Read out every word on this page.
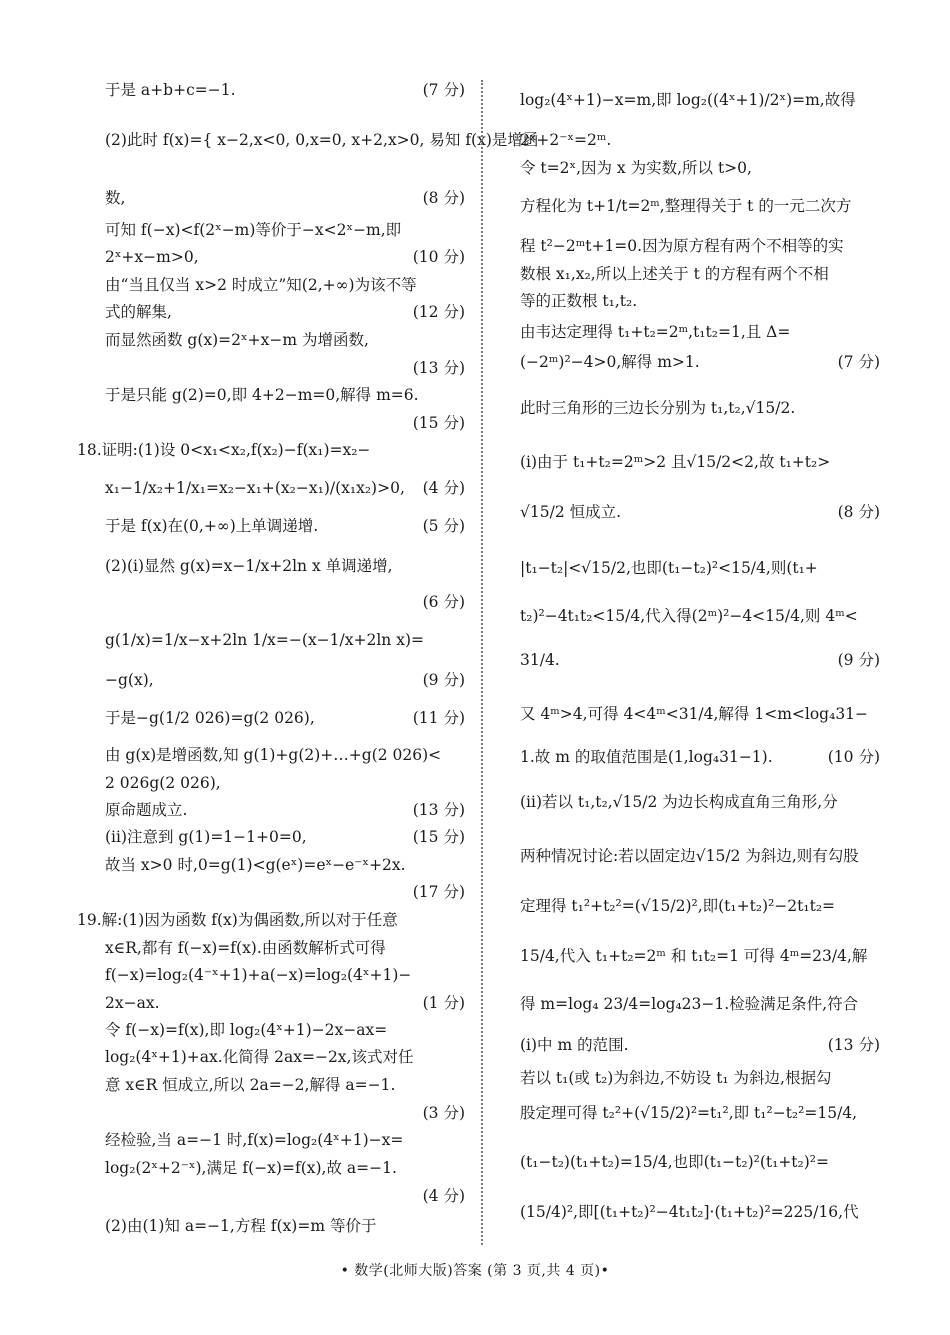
于是 a+b+c=−1.	(7 分)
(2)此时 f(x)={ x−2,x<0, 0,x=0, x+2,x>0, 易知 f(x)是增函
数,	(8 分)
可知 f(−x)<f(2ˣ−m)等价于−x<2ˣ−m,即
2ˣ+x−m>0,	(10 分)
由“当且仅当 x>2 时成立”知(2,+∞)为该不等
式的解集,	(12 分)
而显然函数 g(x)=2ˣ+x−m 为增函数,
(13 分)
于是只能 g(2)=0,即 4+2−m=0,解得 m=6.
(15 分)
18.证明:(1)设 0<x₁<x₂,f(x₂)−f(x₁)=x₂−
x₁−1/x₂+1/x₁=x₂−x₁+(x₂−x₁)/(x₁x₂)>0, (4 分)
于是 f(x)在(0,+∞)上单调递增.	(5 分)
(2)(ⅰ)显然 g(x)=x−1/x+2ln x 单调递增,
(6 分)
g(1/x)=1/x−x+2ln 1/x=−(x−1/x+2ln x)=
−g(x),	(9 分)
于是−g(1/2 026)=g(2 026),	(11 分)
由 g(x)是增函数,知 g(1)+g(2)+…+g(2 026)<
2 026g(2 026),
原命题成立.	(13 分)
(ⅱ)注意到 g(1)=1−1+0=0,	(15 分)
故当 x>0 时,0=g(1)<g(eˣ)=eˣ−e⁻ˣ+2x.
(17 分)
19.解:(1)因为函数 f(x)为偶函数,所以对于任意
x∈R,都有 f(−x)=f(x).由函数解析式可得
f(−x)=log₂(4⁻ˣ+1)+a(−x)=log₂(4ˣ+1)−
2x−ax.	(1 分)
令 f(−x)=f(x),即 log₂(4ˣ+1)−2x−ax=
log₂(4ˣ+1)+ax.化简得 2ax=−2x,该式对任
意 x∈R 恒成立,所以 2a=−2,解得 a=−1.
(3 分)
经检验,当 a=−1 时,f(x)=log₂(4ˣ+1)−x=
log₂(2ˣ+2⁻ˣ),满足 f(−x)=f(x),故 a=−1.
(4 分)
(2)由(1)知 a=−1,方程 f(x)=m 等价于
log₂(4ˣ+1)−x=m,即 log₂((4ˣ+1)/2ˣ)=m,故得
2ˣ+2⁻ˣ=2ᵐ.
令 t=2ˣ,因为 x 为实数,所以 t>0,
方程化为 t+1/t=2ᵐ,整理得关于 t 的一元二次方
程 t²−2ᵐt+1=0.因为原方程有两个不相等的实
数根 x₁,x₂,所以上述关于 t 的方程有两个不相
等的正数根 t₁,t₂.
由韦达定理得 t₁+t₂=2ᵐ,t₁t₂=1,且 Δ=
(−2ᵐ)²−4>0,解得 m>1.	(7 分)
此时三角形的三边长分别为 t₁,t₂,√15/2.
(ⅰ)由于 t₁+t₂=2ᵐ>2 且√15/2<2,故 t₁+t₂>
√15/2 恒成立.	(8 分)
|t₁−t₂|<√15/2,也即(t₁−t₂)²<15/4,则(t₁+
t₂)²−4t₁t₂<15/4,代入得(2ᵐ)²−4<15/4,则 4ᵐ<
31/4.	(9 分)
又 4ᵐ>4,可得 4<4ᵐ<31/4,解得 1<m<log₄31−
1.故 m 的取值范围是(1,log₄31−1).	(10 分)
(ⅱ)若以 t₁,t₂,√15/2 为边长构成直角三角形,分
两种情况讨论:若以固定边√15/2 为斜边,则有勾股
定理得 t₁²+t₂²=(√15/2)²,即(t₁+t₂)²−2t₁t₂=
15/4,代入 t₁+t₂=2ᵐ 和 t₁t₂=1 可得 4ᵐ=23/4,解
得 m=log₄ 23/4=log₄23−1.检验满足条件,符合
(ⅰ)中 m 的范围.	(13 分)
若以 t₁(或 t₂)为斜边,不妨设 t₁ 为斜边,根据勾
股定理可得 t₂²+(√15/2)²=t₁²,即 t₁²−t₂²=15/4,
(t₁−t₂)(t₁+t₂)=15/4,也即(t₁−t₂)²(t₁+t₂)²=
(15/4)²,即[(t₁+t₂)²−4t₁t₂]·(t₁+t₂)²=225/16,代
• 数学(北师大版)答案 (第 3 页,共 4 页)•
